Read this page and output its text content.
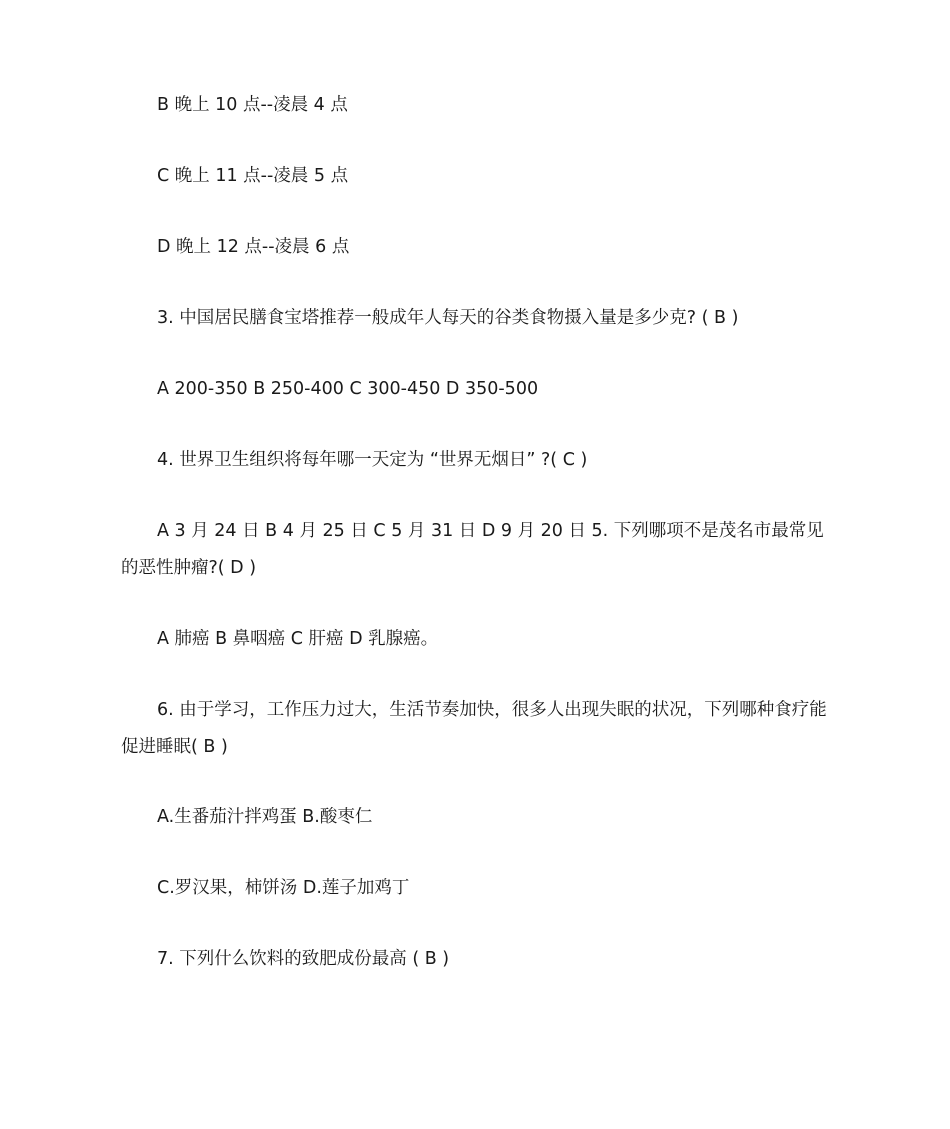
B 晚上 10 点--凌晨 4 点

C 晚上 11 点--凌晨 5 点

D 晚上 12 点--凌晨 6 点

3. 中国居民膳食宝塔推荐一般成年人每天的谷类食物摄入量是多少克? ( B )

A 200-350 B 250-400 C 300-450 D 350-500

4. 世界卫生组织将每年哪一天定为 “世界无烟日” ?( C )

A 3 月 24 日 B 4 月 25 日 C 5 月 31 日 D 9 月 20 日 5. 下列哪项不是茂名市最常见的恶性肿瘤?( D )

A 肺癌 B 鼻咽癌 C 肝癌 D 乳腺癌。

6. 由于学习，工作压力过大，生活节奏加快，很多人出现失眠的状况，下列哪种食疗能促进睡眠( B )

A.生番茄汁拌鸡蛋 B.酸枣仁

C.罗汉果，柿饼汤 D.莲子加鸡丁

7. 下列什么饮料的致肥成份最高 ( B )
